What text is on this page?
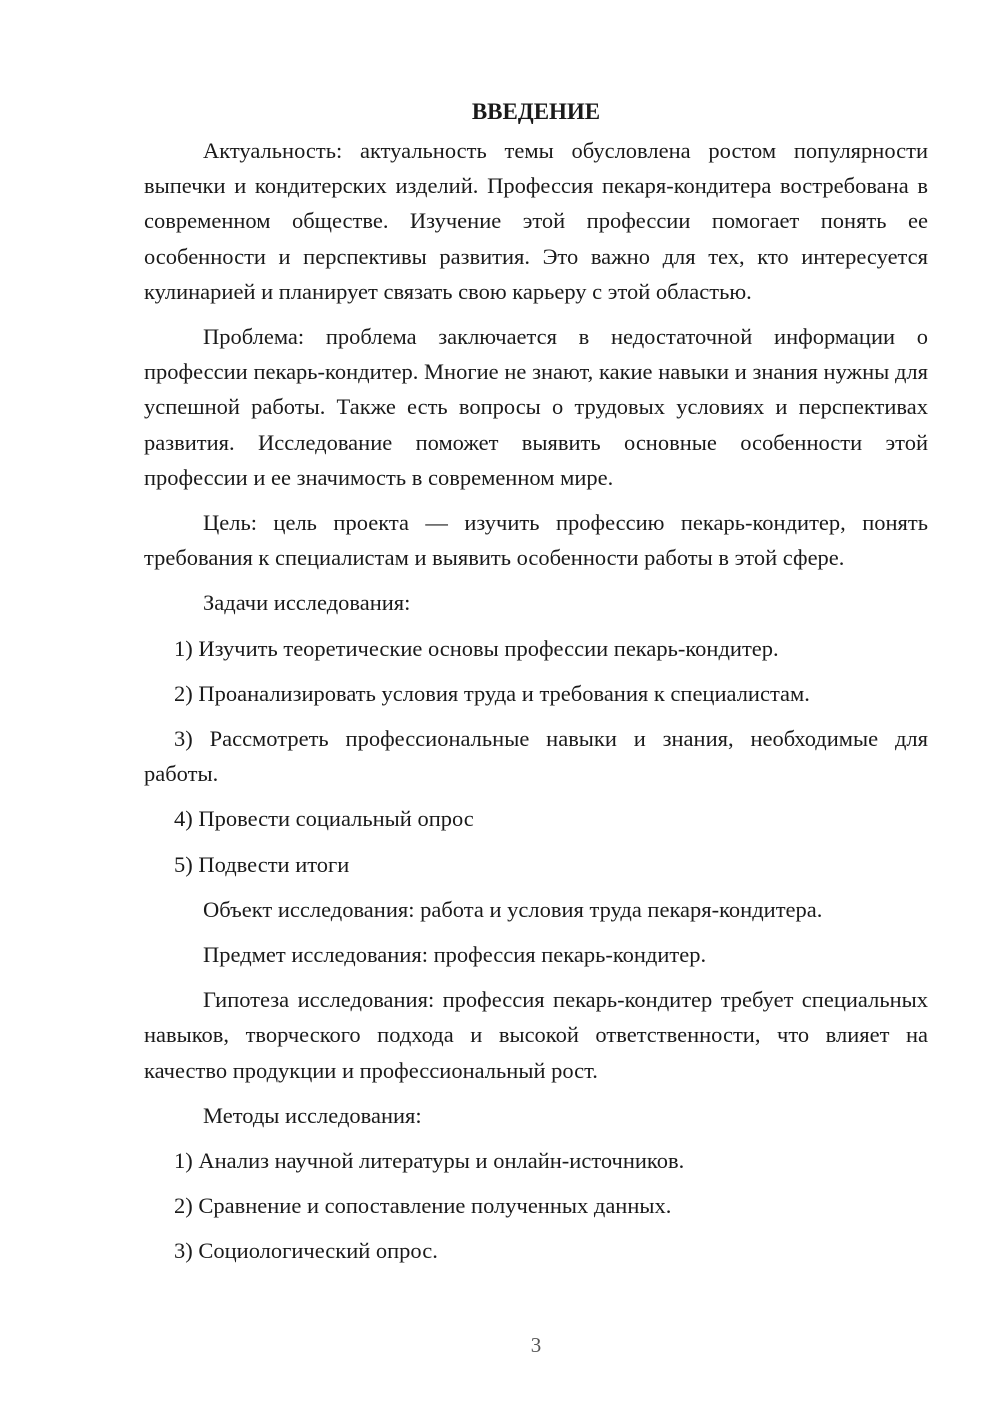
ВВЕДЕНИЕ

Актуальность: актуальность темы обусловлена ростом популярности выпечки и кондитерских изделий. Профессия пекаря-кондитера востребована в современном обществе. Изучение этой профессии помогает понять ее особенности и перспективы развития. Это важно для тех, кто интересуется кулинарией и планирует связать свою карьеру с этой областью.

Проблема: проблема заключается в недостаточной информации о профессии пекарь-кондитер. Многие не знают, какие навыки и знания нужны для успешной работы. Также есть вопросы о трудовых условиях и перспективах развития. Исследование поможет выявить основные особенности этой профессии и ее значимость в современном мире.

Цель: цель проекта — изучить профессию пекарь-кондитер, понять требования к специалистам и выявить особенности работы в этой сфере.

Задачи исследования:

1) Изучить теоретические основы профессии пекарь-кондитер.

2) Проанализировать условия труда и требования к специалистам.

3) Рассмотреть профессиональные навыки и знания, необходимые для работы.

4) Провести социальный опрос

5) Подвести итоги

Объект исследования: работа и условия труда пекаря-кондитера.

Предмет исследования: профессия пекарь-кондитер.

Гипотеза исследования: профессия пекарь-кондитер требует специальных навыков, творческого подхода и высокой ответственности, что влияет на качество продукции и профессиональный рост.

Методы исследования:

1) Анализ научной литературы и онлайн-источников.

2) Сравнение и сопоставление полученных данных.

3) Социологический опрос.

3
